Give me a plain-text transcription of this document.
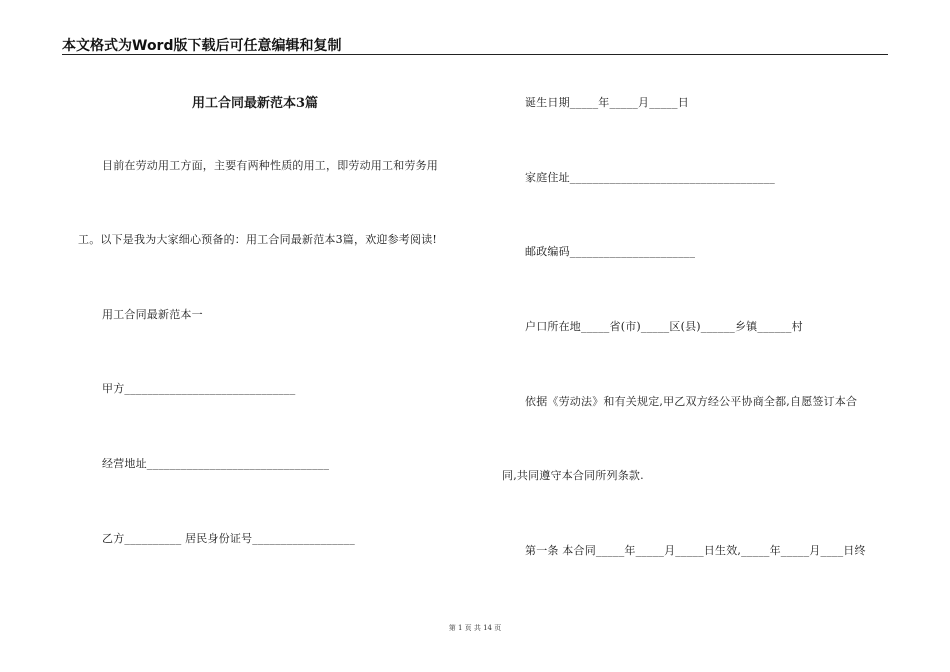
本文格式为Word版下载后可任意编辑和复制
用工合同最新范本3篇
目前在劳动用工方面，主要有两种性质的用工，即劳动用工和劳务用
工。以下是我为大家细心预备的：用工合同最新范本3篇，欢迎参考阅读!
用工合同最新范本一
甲方______________________________
经营地址________________________________
乙方__________ 居民身份证号__________________
诞生日期_____年_____月_____日
家庭住址____________________________________
邮政编码______________________
户口所在地_____省(市)_____区(县)______乡镇______村
依据《劳动法》和有关规定,甲乙双方经公平协商全都,自愿签订本合
同,共同遵守本合同所列条款.
第一条 本合同_____年_____月_____日生效,_____年_____月____日终
第 1 页 共 14 页
